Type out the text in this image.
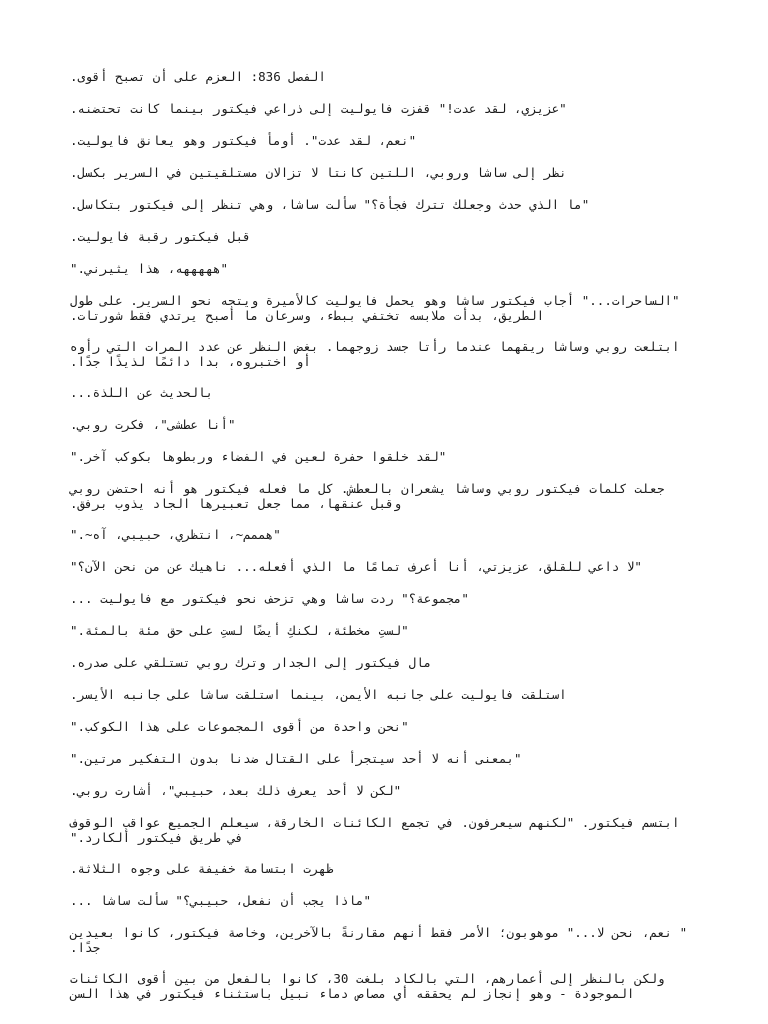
الفصل 836: العزم على أن تصبح أقوى.

"عزيزي، لقد عدت!" قفزت فايوليت إلى ذراعي فيكتور بينما كانت تحتضنه.

"نعم، لقد عدت". أومأ فيكتور وهو يعانق فايوليت.

نظر إلى ساشا وروبي، اللتين كانتا لا تزالان مستلقيتين في السرير بكسل.

"ما الذي حدث وجعلك تترك فجأة؟" سألت ساشا، وهي تنظر إلى فيكتور بتكاسل.

قبل فيكتور رقبة فايوليت.

"هههههه، هذا يثيرني."

"الساحرات..." أجاب فيكتور ساشا وهو يحمل فايوليت كالأميرة ويتجه نحو السرير. على طول الطريق، بدأت ملابسه تختفي ببطء، وسرعان ما أصبح يرتدي فقط شورتات.

ابتلعت روبي وساشا ريقهما عندما رأتا جسد زوجهما. بغض النظر عن عدد المرات التي رأوه أو اختبروه، بدا دائمًا لذيذًا جدًا.

بالحديث عن اللذة...

"أنا عطشى"، فكرت روبي.

"لقد خلقوا حفرة لعين في الفضاء وربطوها بكوكب آخر."

جعلت كلمات فيكتور روبي وساشا يشعران بالعطش. كل ما فعله فيكتور هو أنه احتضن روبي وقبل عنقها، مما جعل تعبيرها الجاد يذوب برفق.

"هممم~، انتظري، حبيبي، آه~."

"لا داعي للقلق، عزيزتي، أنا أعرف تمامًا ما الذي أفعله... ناهيك عن من نحن الآن؟"

"مجموعة؟" ردت ساشا وهي تزحف نحو فيكتور مع فايوليت ...

"لستِ مخطئة، لكنكِ أيضًا لستِ على حق مئة بالمئة."

مال فيكتور إلى الجدار وترك روبي تستلقي على صدره.

استلقت فايوليت على جانبه الأيمن، بينما استلقت ساشا على جانبه الأيسر.

"نحن واحدة من أقوى المجموعات على هذا الكوكب."

"بمعنى أنه لا أحد سيتجرأ على القتال ضدنا بدون التفكير مرتين."

"لكن لا أحد يعرف ذلك بعد، حبيبي"، أشارت روبي.

ابتسم فيكتور. "لكنهم سيعرفون. في تجمع الكائنات الخارقة، سيعلم الجميع عواقب الوقوف في طريق فيكتور ألكارد."

ظهرت ابتسامة خفيفة على وجوه الثلاثة.

"ماذا يجب أن نفعل، حبيبي؟" سألت ساشا ...

" نعم، نحن لا..." موهوبون؛ الأمر فقط أنهم مقارنةً بالآخرين، وخاصة فيكتور، كانوا بعيدين جدًا.

ولكن بالنظر إلى أعمارهم، التي بالكاد بلغت 30، كانوا بالفعل من بين أقوى الكائنات الموجودة - وهو إنجاز لم يحققه أي مصاص دماء نبيل باستثناء فيكتور في هذا السن
